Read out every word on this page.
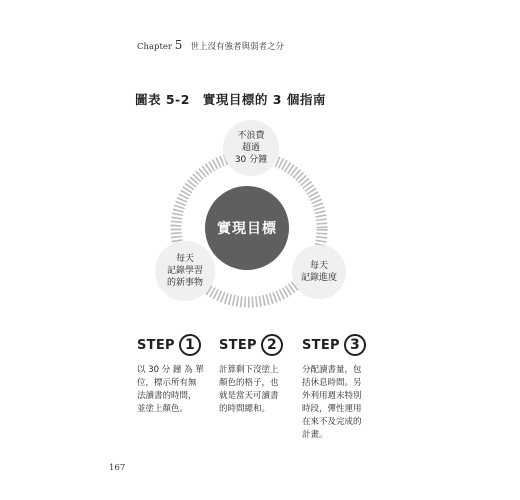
Chapter 5 世上沒有強者與弱者之分
圖表 5-2　實現目標的 3 個指南
實現目標
不浪費
超過
30 分鐘
每天
記錄學習
的新事物
每天
記錄進度
STEP 1
以 30 分 鐘 為 單
位，標示所有無
法讀書的時間，
並塗上顏色。
STEP 2
計算剩下沒塗上
顏色的格子，也
就是當天可讀書
的時間總和。
STEP 3
分配讀書量，包
括休息時間。另
外利用週末特別
時段，彈性運用
在來不及完成的
計畫。
167
